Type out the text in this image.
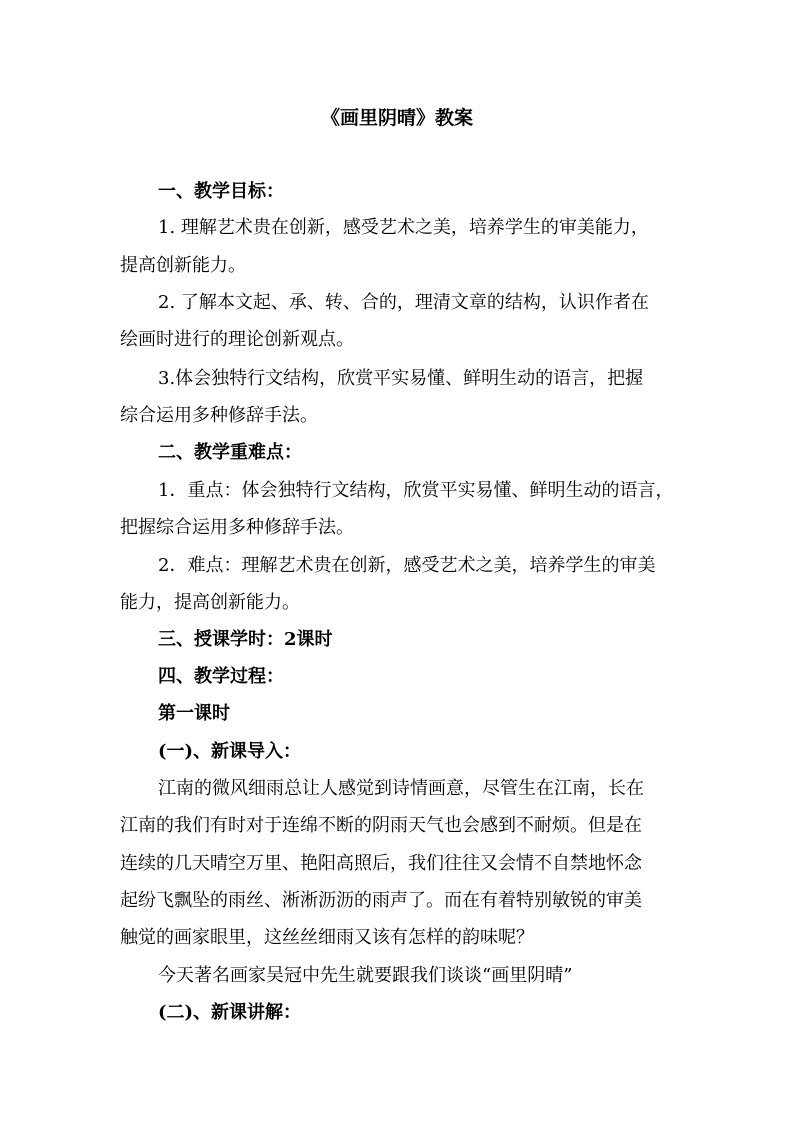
《画里阴晴》教案
一、教学目标：
1. 理解艺术贵在创新，感受艺术之美，培养学生的审美能力，
提高创新能力。
2. 了解本文起、承、转、合的，理清文章的结构，认识作者在
绘画时进行的理论创新观点。
3.体会独特行文结构，欣赏平实易懂、鲜明生动的语言，把握
综合运用多种修辞手法。
二、教学重难点：
1．重点：体会独特行文结构，欣赏平实易懂、鲜明生动的语言，
把握综合运用多种修辞手法。
2．难点：理解艺术贵在创新，感受艺术之美，培养学生的审美
能力，提高创新能力。
三、授课学时：2课时
四、教学过程：
第一课时
(一)、新课导入：
江南的微风细雨总让人感觉到诗情画意，尽管生在江南，长在
江南的我们有时对于连绵不断的阴雨天气也会感到不耐烦。但是在
连续的几天晴空万里、艳阳高照后，我们往往又会情不自禁地怀念
起纷飞飘坠的雨丝、淅淅沥沥的雨声了。而在有着特别敏锐的审美
触觉的画家眼里，这丝丝细雨又该有怎样的韵味呢？
今天著名画家吴冠中先生就要跟我们谈谈“画里阴晴”
(二)、新课讲解：
